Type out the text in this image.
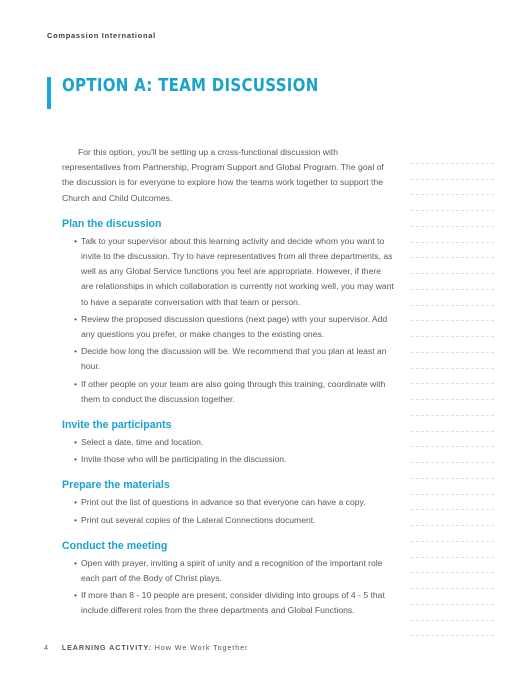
Compassion International
OPTION A: TEAM DISCUSSION

For this option, you'll be setting up a cross-functional discussion with representatives from Partnership, Program Support and Global Program. The goal of the discussion is for everyone to explore how the teams work together to support the Church and Child Outcomes.

Plan the discussion
• Talk to your supervisor about this learning activity and decide whom you want to invite to the discussion. Try to have representatives from all three departments, as well as any Global Service functions you feel are appropriate. However, if there are relationships in which collaboration is currently not working well, you may want to have a separate conversation with that team or person.
• Review the proposed discussion questions (next page) with your supervisor. Add any questions you prefer, or make changes to the existing ones.
• Decide how long the discussion will be. We recommend that you plan at least an hour.
• If other people on your team are also going through this training, coordinate with them to conduct the discussion together.
Invite the participants
• Select a date, time and location.
• Invite those who will be participating in the discussion.
Prepare the materials
• Print out the list of questions in advance so that everyone can have a copy.
• Print out several copies of the Lateral Connections document.
Conduct the meeting
• Open with prayer, inviting a spirit of unity and a recognition of the important role each part of the Body of Christ plays.
• If more than 8 - 10 people are present, consider dividing into groups of 4 - 5 that include different roles from the three departments and Global Functions.
4 LEARNING ACTIVITY: How We Work Together
